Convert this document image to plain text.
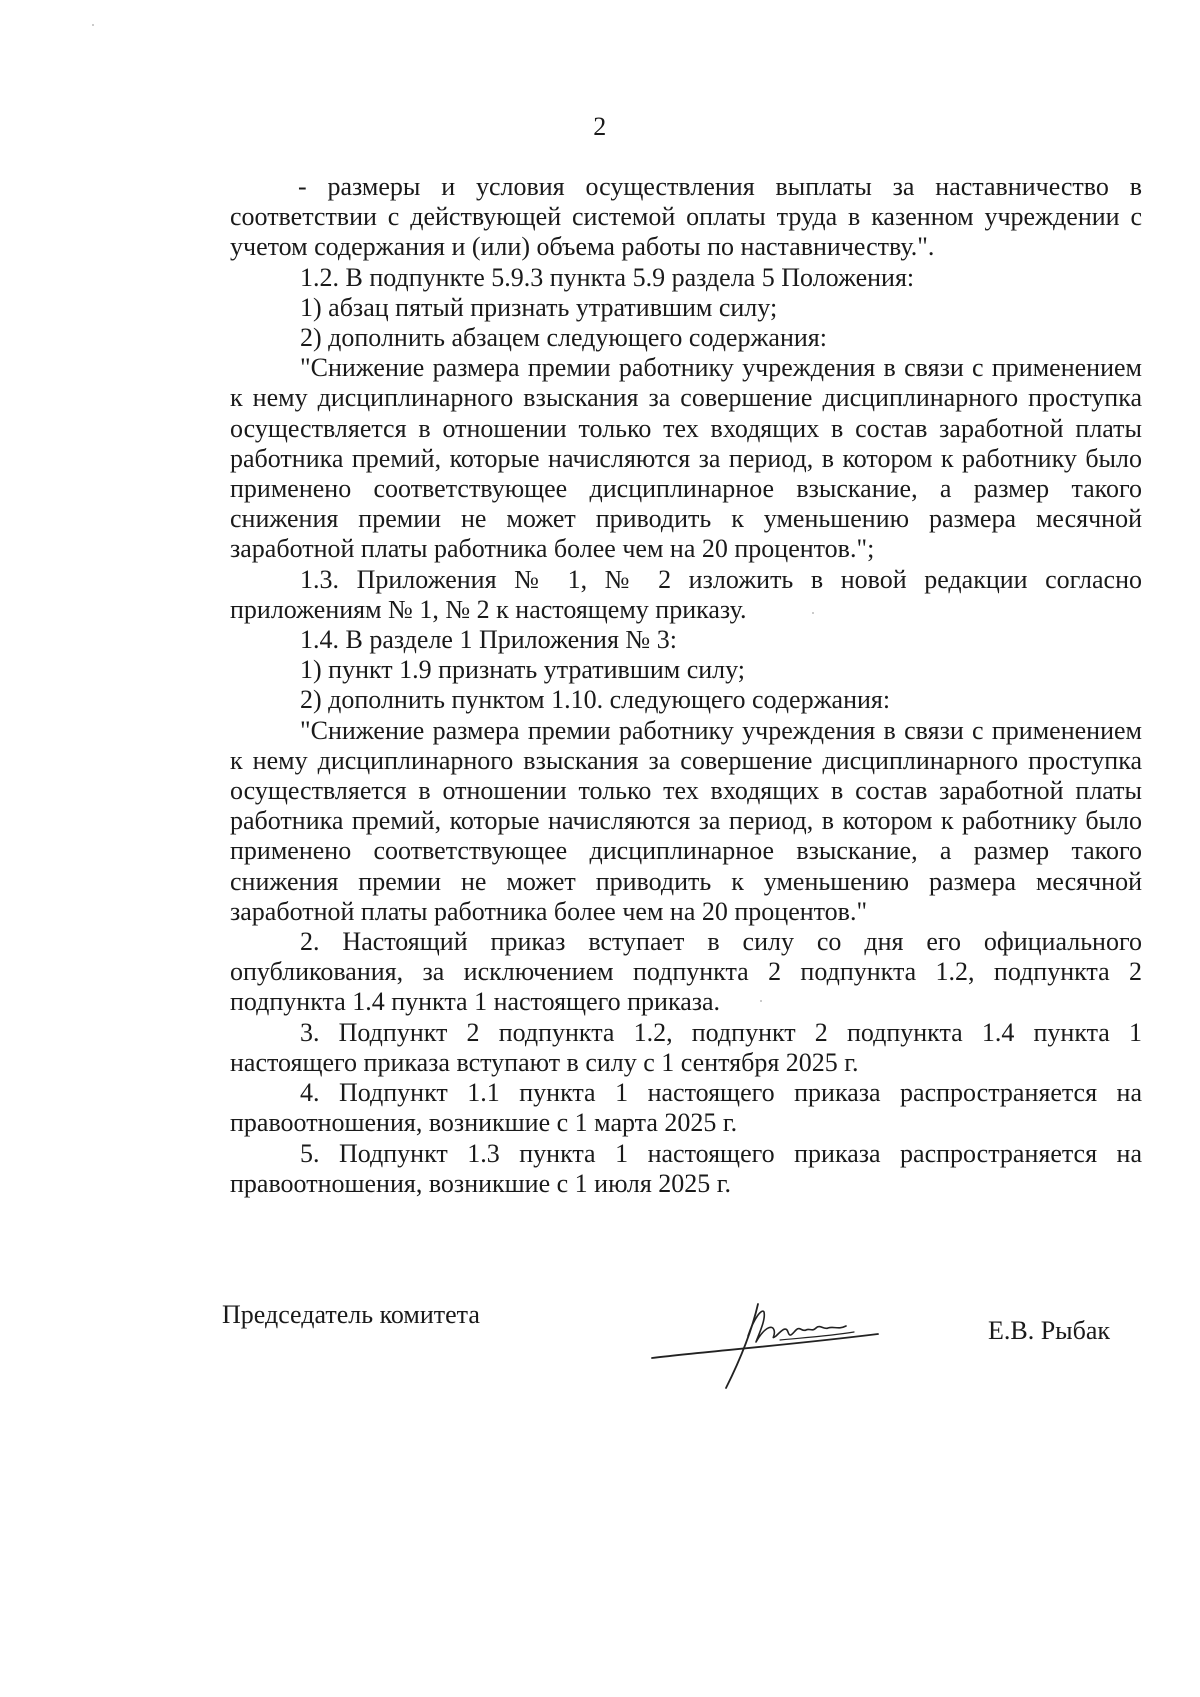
2

- размеры и условия осуществления выплаты за наставничество в соответствии с действующей системой оплаты труда в казенном учреждении с учетом содержания и (или) объема работы по наставничеству.".

1.2. В подпункте 5.9.3 пункта 5.9 раздела 5 Положения:

1) абзац пятый признать утратившим силу;

2) дополнить абзацем следующего содержания:

"Снижение размера премии работнику учреждения в связи с применением к нему дисциплинарного взыскания за совершение дисциплинарного проступка осуществляется в отношении только тех входящих в состав заработной платы работника премий, которые начисляются за период, в котором к работнику было применено соответствующее дисциплинарное взыскание, а размер такого снижения премии не может приводить к уменьшению размера месячной заработной платы работника более чем на 20 процентов.";

1.3. Приложения № 1, № 2 изложить в новой редакции согласно приложениям № 1, № 2 к настоящему приказу.

1.4. В разделе 1 Приложения № 3:

1) пункт 1.9 признать утратившим силу;

2) дополнить пунктом 1.10. следующего содержания:

"Снижение размера премии работнику учреждения в связи с применением к нему дисциплинарного взыскания за совершение дисциплинарного проступка осуществляется в отношении только тех входящих в состав заработной платы работника премий, которые начисляются за период, в котором к работнику было применено соответствующее дисциплинарное взыскание, а размер такого снижения премии не может приводить к уменьшению размера месячной заработной платы работника более чем на 20 процентов."

2. Настоящий приказ вступает в силу со дня его официального опубликования, за исключением подпункта 2 подпункта 1.2, подпункта 2 подпункта 1.4 пункта 1 настоящего приказа.

3. Подпункт 2 подпункта 1.2, подпункт 2 подпункта 1.4 пункта 1 настоящего приказа вступают в силу с 1 сентября 2025 г.

4. Подпункт 1.1 пункта 1 настоящего приказа распространяется на правоотношения, возникшие с 1 марта 2025 г.

5. Подпункт 1.3 пункта 1 настоящего приказа распространяется на правоотношения, возникшие с 1 июля 2025 г.

Председатель комитета
Е.В. Рыбак
